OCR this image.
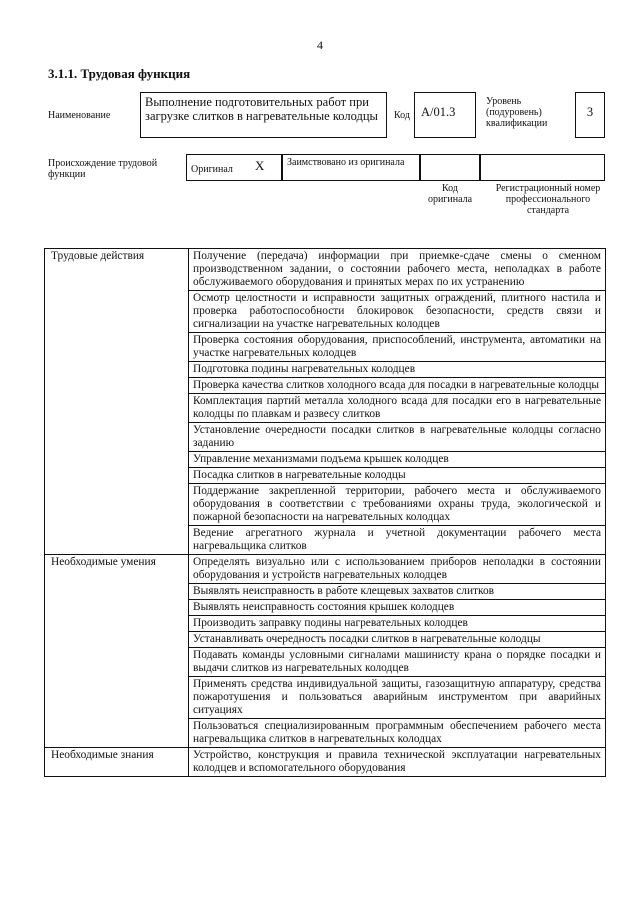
4
3.1.1. Трудовая функция
Наименование
Выполнение подготовительных работ при загрузке слитков в нагревательные колодцы	Код А/01.3
Уровень (подуровень) квалификации
3
Происхождение трудовой функции	Оригинал X	Заимствовано из оригинала
Код оригинала
Регистрационный номер профессионального стандарта
Трудовые действия	Получение (передача) информации при приемке-сдаче смены о сменном производственном задании, о состоянии рабочего места, неполадках в работе обслуживаемого оборудования и принятых мерах по их устранению
	Осмотр целостности и исправности защитных ограждений, плитного настила и проверка работоспособности блокировок безопасности, средств связи и сигнализации на участке нагревательных колодцев
	Проверка состояния оборудования, приспособлений, инструмента, автоматики на участке нагревательных колодцев
	Подготовка подины нагревательных колодцев
	Проверка качества слитков холодного всада для посадки в нагревательные колодцы
	Комплектация партий металла холодного всада для посадки его в нагревательные колодцы по плавкам и развесу слитков
	Установление очередности посадки слитков в нагревательные колодцы согласно заданию
	Управление механизмами подъема крышек колодцев
	Посадка слитков в нагревательные колодцы
	Поддержание закрепленной территории, рабочего места и обслуживаемого оборудования в соответствии с требованиями охраны труда, экологической и пожарной безопасности на нагревательных колодцах
	Ведение агрегатного журнала и учетной документации рабочего места нагревальщика слитков
Необходимые умения	Определять визуально или с использованием приборов неполадки в состоянии оборудования и устройств нагревательных колодцев
	Выявлять неисправность в работе клещевых захватов слитков
	Выявлять неисправность состояния крышек колодцев
	Производить заправку подины нагревательных колодцев
	Устанавливать очередность посадки слитков в нагревательные колодцы
	Подавать команды условными сигналами машинисту крана о порядке посадки и выдачи слитков из нагревательных колодцев
	Применять средства индивидуальной защиты, газозащитную аппаратуру, средства пожаротушения и пользоваться аварийным инструментом при аварийных ситуациях
	Пользоваться специализированным программным обеспечением рабочего места нагревальщика слитков в нагревательных колодцах
Необходимые знания	Устройство, конструкция и правила технической эксплуатации нагревательных колодцев и вспомогательного оборудования
